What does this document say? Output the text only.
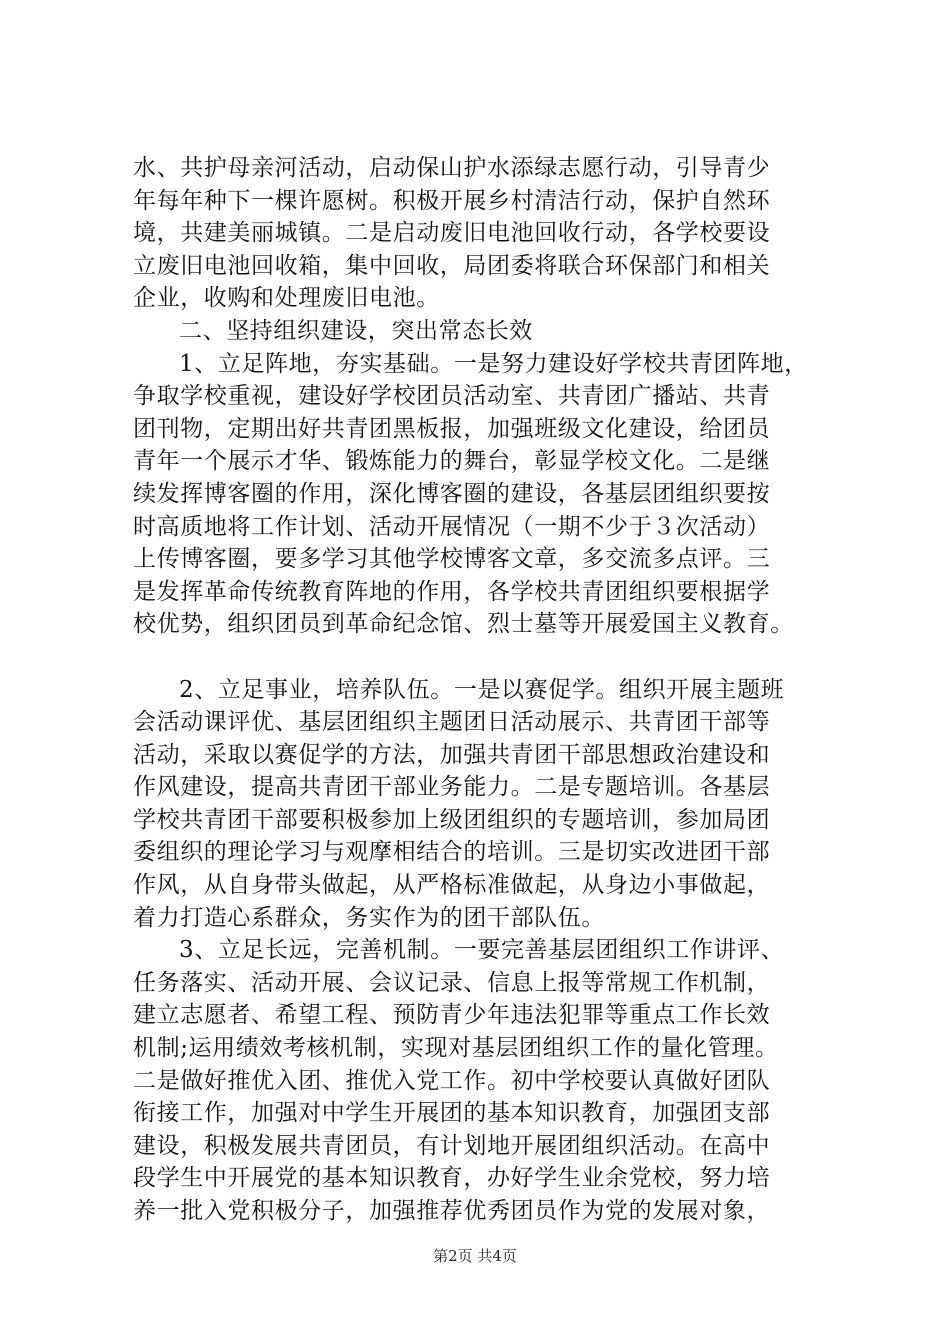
水、共护母亲河活动，启动保山护水添绿志愿行动，引导青少
年每年种下一棵许愿树。积极开展乡村清洁行动，保护自然环
境，共建美丽城镇。二是启动废旧电池回收行动，各学校要设
立废旧电池回收箱，集中回收，局团委将联合环保部门和相关
企业，收购和处理废旧电池。
二、坚持组织建设，突出常态长效
1、立足阵地，夯实基础。一是努力建设好学校共青团阵地，
争取学校重视，建设好学校团员活动室、共青团广播站、共青
团刊物，定期出好共青团黑板报，加强班级文化建设，给团员
青年一个展示才华、锻炼能力的舞台，彰显学校文化。二是继
续发挥博客圈的作用，深化博客圈的建设，各基层团组织要按
时高质地将工作计划、活动开展情况（一期不少于３次活动）
上传博客圈，要多学习其他学校博客文章，多交流多点评。三
是发挥革命传统教育阵地的作用，各学校共青团组织要根据学
校优势，组织团员到革命纪念馆、烈士墓等开展爱国主义教育。
2、立足事业，培养队伍。一是以赛促学。组织开展主题班
会活动课评优、基层团组织主题团日活动展示、共青团干部等
活动，采取以赛促学的方法，加强共青团干部思想政治建设和
作风建设，提高共青团干部业务能力。二是专题培训。各基层
学校共青团干部要积极参加上级团组织的专题培训，参加局团
委组织的理论学习与观摩相结合的培训。三是切实改进团干部
作风，从自身带头做起，从严格标准做起，从身边小事做起，
着力打造心系群众，务实作为的团干部队伍。
3、立足长远，完善机制。一要完善基层团组织工作讲评、
任务落实、活动开展、会议记录、信息上报等常规工作机制，
建立志愿者、希望工程、预防青少年违法犯罪等重点工作长效
机制;运用绩效考核机制，实现对基层团组织工作的量化管理。
二是做好推优入团、推优入党工作。初中学校要认真做好团队
衔接工作，加强对中学生开展团的基本知识教育，加强团支部
建设，积极发展共青团员，有计划地开展团组织活动。在高中
段学生中开展党的基本知识教育，办好学生业余党校，努力培
养一批入党积极分子，加强推荐优秀团员作为党的发展对象，
第2页 共4页
